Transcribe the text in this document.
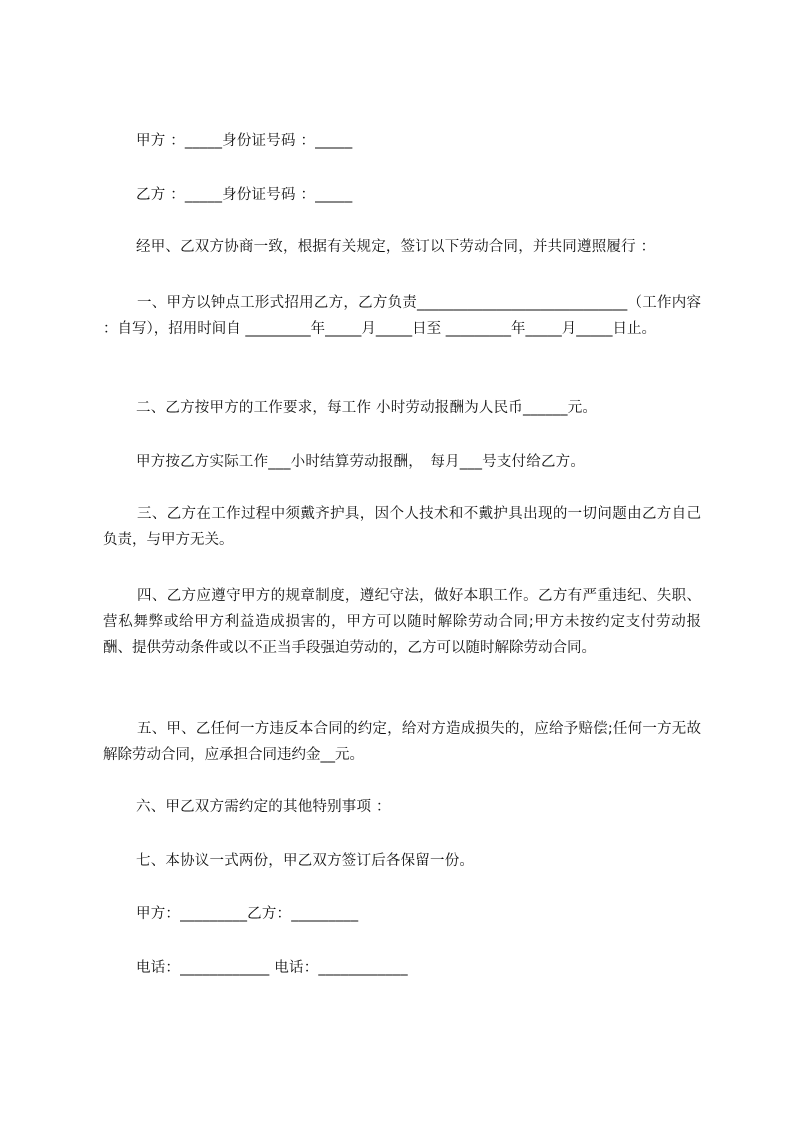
甲方 ：_____身份证号码 ：_____
乙方 ：_____身份证号码 ：_____
经甲、乙双方协商一致，根据有关规定，签订以下劳动合同，并共同遵照履行 ：
一、甲方以钟点工形式招用乙方，乙方负责_____________________________（工作内容 ：自写），招用时间自 _________年_____月_____日至 _________年_____月_____日止。
二、乙方按甲方的工作要求，每工作 小时劳动报酬为人民币______元。
甲方按乙方实际工作___小时结算劳动报酬，　每月___号支付给乙方。
三、乙方在工作过程中须戴齐护具，因个人技术和不戴护具出现的一切问题由乙方自己负责，与甲方无关。
四、乙方应遵守甲方的规章制度，遵纪守法，做好本职工作。乙方有严重违纪、失职、营私舞弊或给甲方利益造成损害的，甲方可以随时解除劳动合同;甲方未按约定支付劳动报酬、提供劳动条件或以不正当手段强迫劳动的，乙方可以随时解除劳动合同。
五、甲、乙任何一方违反本合同的约定，给对方造成损失的，应给予赔偿;任何一方无故解除劳动合同，应承担合同违约金__元。
六、甲乙双方需约定的其他特别事项 ：
七、本协议一式两份，甲乙双方签订后各保留一份。
甲方：_________乙方：_________
电话：____________ 电话：____________
